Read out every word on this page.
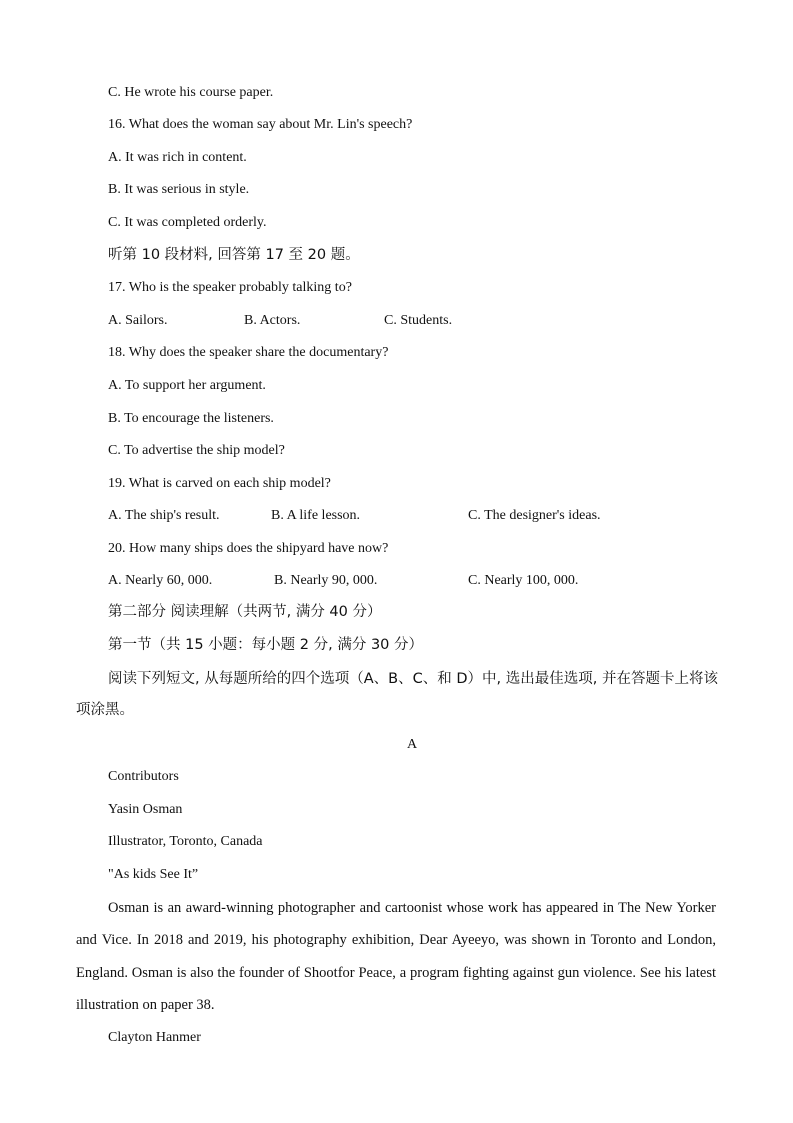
C. He wrote his course paper.
16. What does the woman say about Mr. Lin's speech?
A. It was rich in content.
B. It was serious in style.
C. It was completed orderly.
听第 10 段材料, 回答第 17 至 20 题。
17. Who is the speaker probably talking to?
A. Sailors.	B. Actors.	C. Students.
18. Why does the speaker share the documentary?
A. To support her argument.
B. To encourage the listeners.
C. To advertise the ship model?
19. What is carved on each ship model?
A. The ship's result.	B. A life lesson.	C. The designer's ideas.
20. How many ships does the shipyard have now?
A. Nearly 60, 000.	B. Nearly 90, 000.	C. Nearly 100, 000.
第二部分 阅读理解（共两节, 满分 40 分）
第一节（共 15 小题：每小题 2 分, 满分 30 分）
阅读下列短文, 从每题所给的四个选项（A、B、C、和 D）中, 选出最佳选项, 并在答题卡上将该项涂黑。
A
Contributors
Yasin Osman
Illustrator, Toronto, Canada
"As kids See It”
Osman is an award-winning photographer and cartoonist whose work has appeared in The New Yorker and Vice. In 2018 and 2019, his photography exhibition, Dear Ayeeyo, was shown in Toronto and London, England. Osman is also the founder of Shootfor Peace, a program fighting against gun violence. See his latest illustration on paper 38.
Clayton Hanmer
